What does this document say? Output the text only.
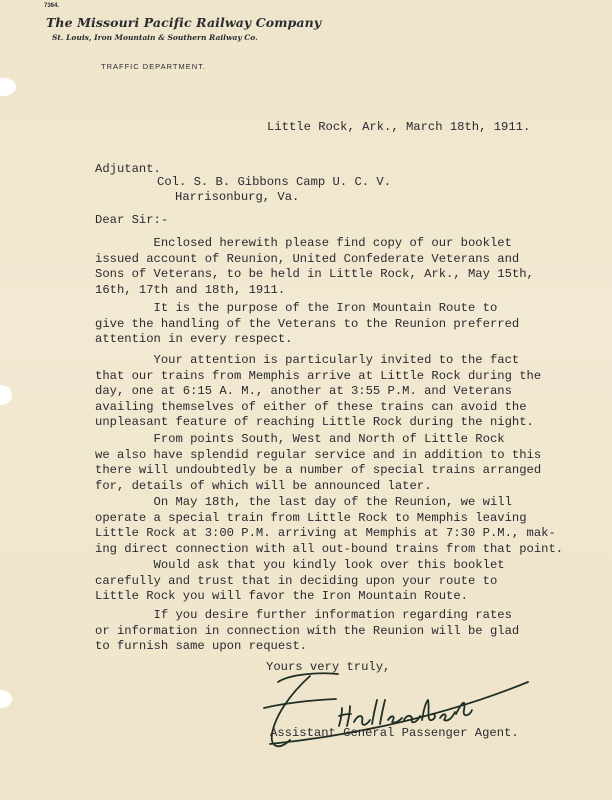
7364.
The Missouri Pacific Railway Company
St. Louis, Iron Mountain & Southern Railway Co.
TRAFFIC DEPARTMENT.
Little Rock, Ark., March 18th, 1911.
Adjutant.
Col. S. B. Gibbons Camp U. C. V.
Harrisonburg, Va.
Dear Sir:-

Enclosed herewith please find copy of our booklet
issued account of Reunion, United Confederate Veterans and
Sons of Veterans, to be held in Little Rock, Ark., May 15th,
16th, 17th and 18th, 1911.

It is the purpose of the Iron Mountain Route to
give the handling of the Veterans to the Reunion preferred
attention in every respect.

Your attention is particularly invited to the fact
that our trains from Memphis arrive at Little Rock during the
day, one at 6:15 A. M., another at 3:55 P.M. and Veterans
availing themselves of either of these trains can avoid the
unpleasant feature of reaching Little Rock during the night.

From points South, West and North of Little Rock
we also have splendid regular service and in addition to this
there will undoubtedly be a number of special trains arranged
for, details of which will be announced later.

On May 18th, the last day of the Reunion, we will
operate a special train from Little Rock to Memphis leaving
Little Rock at 3:00 P.M. arriving at Memphis at 7:30 P.M., mak-
ing direct connection with all out-bound trains from that point.

Would ask that you kindly look over this booklet
carefully and trust that in deciding upon your route to
Little Rock you will favor the Iron Mountain Route.

If you desire further information regarding rates
or information in connection with the Reunion will be glad
to furnish same upon request.

Yours very truly,
Assistant General Passenger Agent.
